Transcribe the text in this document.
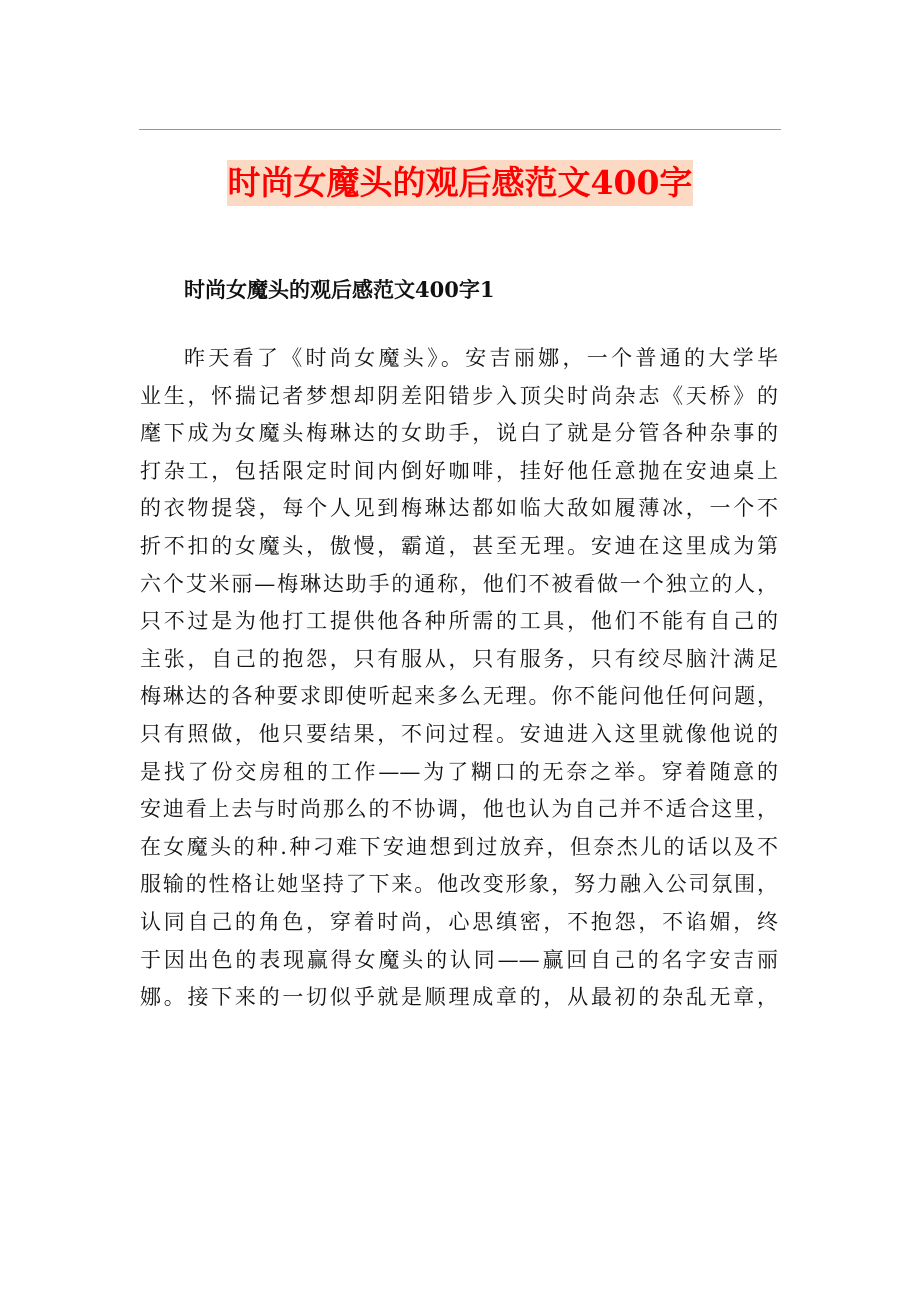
时尚女魔头的观后感范文400字
时尚女魔头的观后感范文400字1
昨天看了《时尚女魔头》。安吉丽娜，一个普通的大学毕
业生，怀揣记者梦想却阴差阳错步入顶尖时尚杂志《天桥》的
麾下成为女魔头梅琳达的女助手，说白了就是分管各种杂事的
打杂工，包括限定时间内倒好咖啡，挂好他任意抛在安迪桌上
的衣物提袋，每个人见到梅琳达都如临大敌如履薄冰，一个不
折不扣的女魔头，傲慢，霸道，甚至无理。安迪在这里成为第
六个艾米丽—梅琳达助手的通称，他们不被看做一个独立的人，
只不过是为他打工提供他各种所需的工具，他们不能有自己的
主张，自己的抱怨，只有服从，只有服务，只有绞尽脑汁满足
梅琳达的各种要求即使听起来多么无理。你不能问他任何问题，
只有照做，他只要结果，不问过程。安迪进入这里就像他说的
是找了份交房租的工作——为了糊口的无奈之举。穿着随意的
安迪看上去与时尚那么的不协调，他也认为自己并不适合这里，
在女魔头的种.种刁难下安迪想到过放弃，但奈杰儿的话以及不
服输的性格让她坚持了下来。他改变形象，努力融入公司氛围，
认同自己的角色，穿着时尚，心思缜密，不抱怨，不谄媚，终
于因出色的表现赢得女魔头的认同——赢回自己的名字安吉丽
娜。接下来的一切似乎就是顺理成章的，从最初的杂乱无章，
